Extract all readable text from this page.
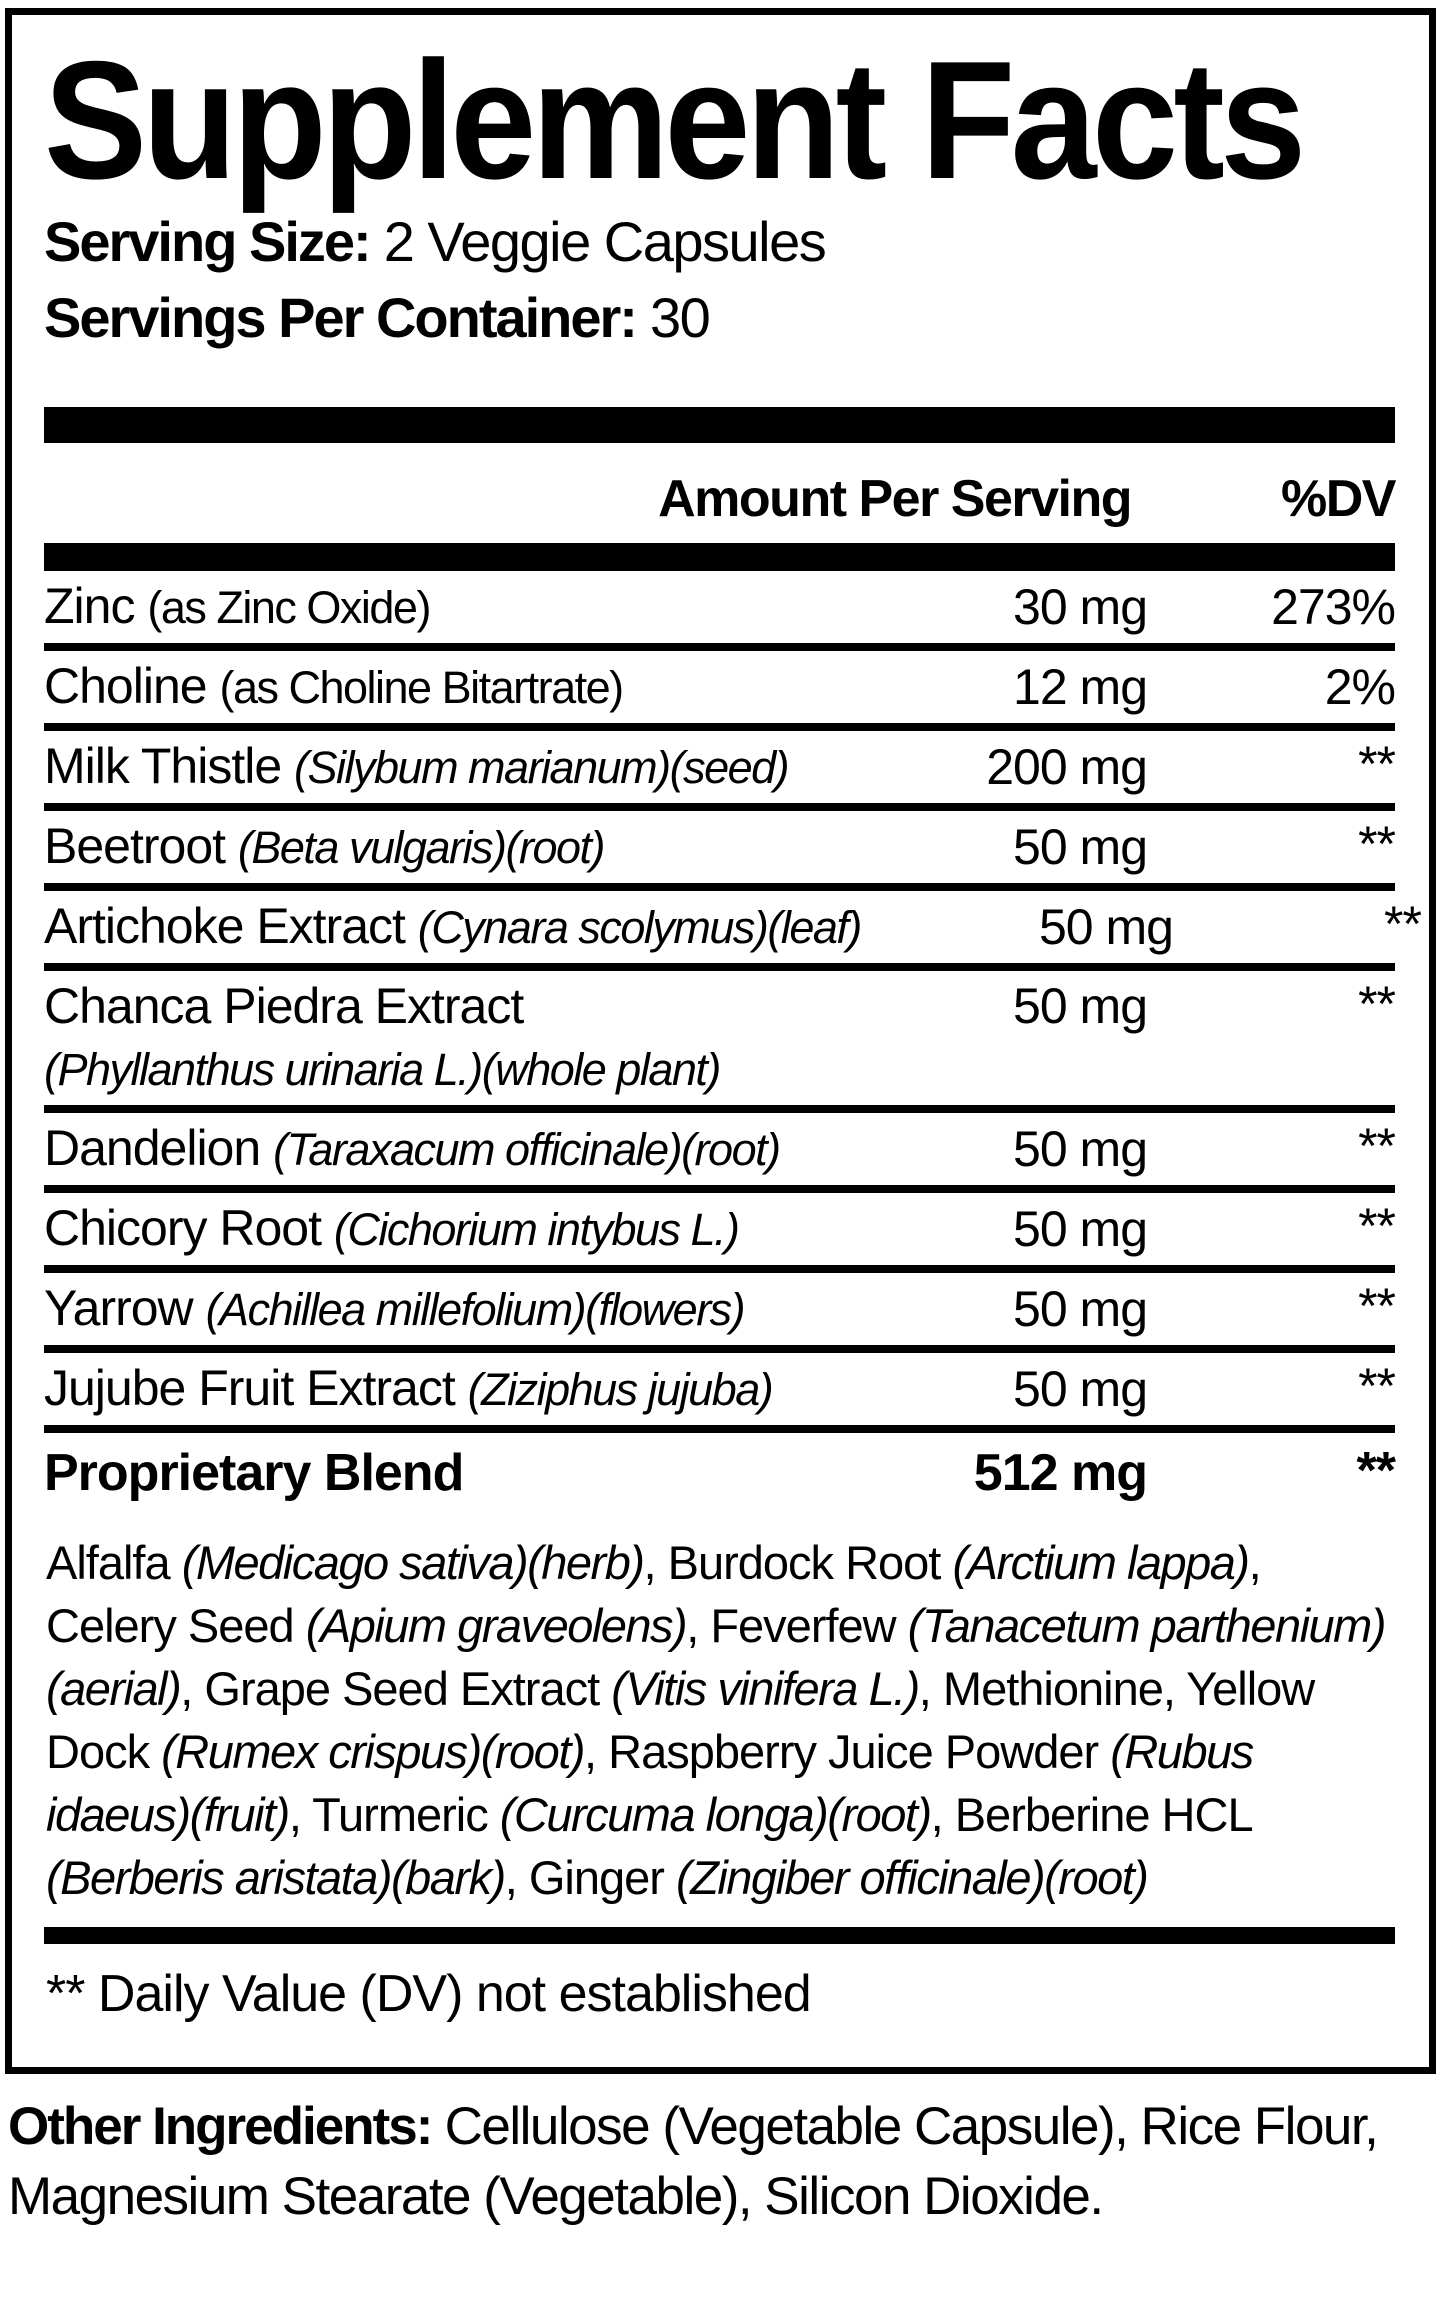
Supplement Facts
Serving Size: 2 Veggie Capsules
Servings Per Container: 30
Amount Per Serving	%DV
Zinc (as Zinc Oxide)	30 mg	273%
Choline (as Choline Bitartrate)	12 mg	2%
Milk Thistle (Silybum marianum)(seed)	200 mg	**
Beetroot (Beta vulgaris)(root)	50 mg	**
Artichoke Extract (Cynara scolymus)(leaf)	50 mg	**
Chanca Piedra Extract
(Phyllanthus urinaria L.)(whole plant)
50 mg	**
Dandelion (Taraxacum officinale)(root)	50 mg	**
Chicory Root (Cichorium intybus L.)	50 mg	**
Yarrow (Achillea millefolium)(flowers)	50 mg	**
Jujube Fruit Extract (Ziziphus jujuba)	50 mg	**
Proprietary Blend	512 mg	**
Alfalfa (Medicago sativa)(herb), Burdock Root (Arctium lappa), Celery Seed (Apium graveolens), Feverfew (Tanacetum parthenium)(aerial), Grape Seed Extract (Vitis vinifera L.), Methionine, Yellow Dock (Rumex crispus)(root), Raspberry Juice Powder (Rubus idaeus)(fruit), Turmeric (Curcuma longa)(root), Berberine HCL (Berberis aristata)(bark), Ginger (Zingiber officinale)(root)
** Daily Value (DV) not established
Other Ingredients: Cellulose (Vegetable Capsule), Rice Flour, Magnesium Stearate (Vegetable), Silicon Dioxide.
